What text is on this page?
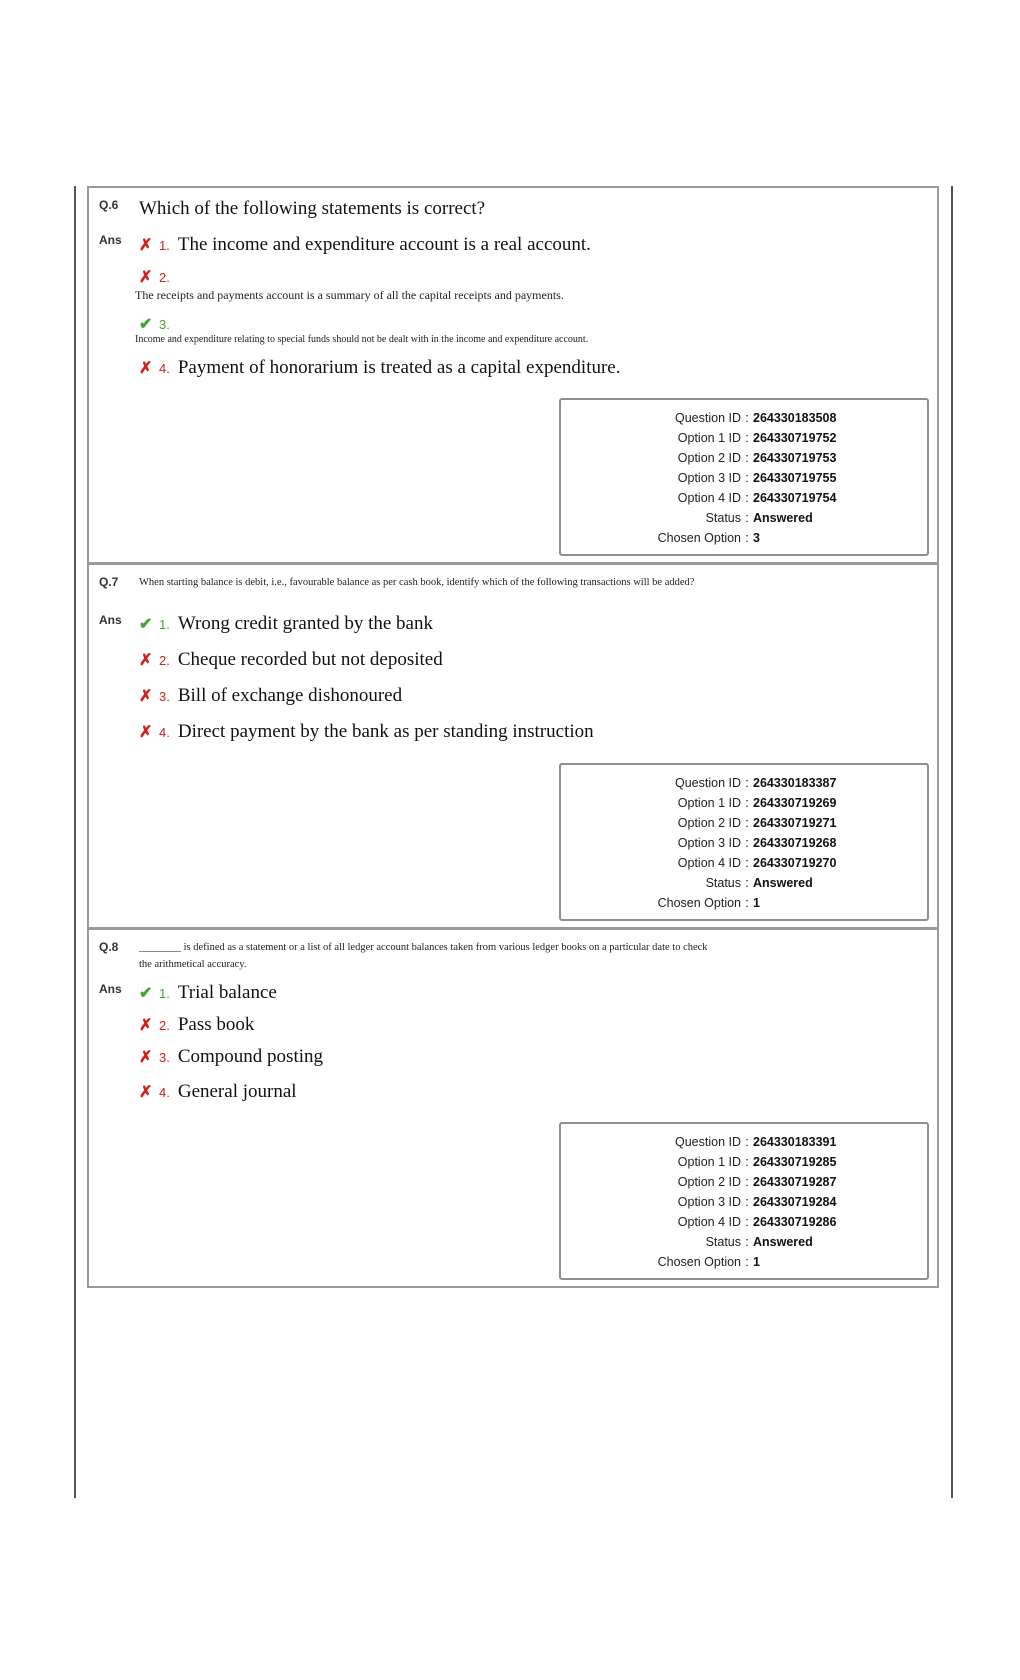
Q.6 Which of the following statements is correct?
Ans ✗ 1. The income and expenditure account is a real account.
✗ 2.
The receipts and payments account is a summary of all the capital receipts and payments.
✔ 3.
Income and expenditure relating to special funds should not be dealt with in the income and expenditure account.
✗ 4. Payment of honorarium is treated as a capital expenditure.
Question ID : 264330183508
Option 1 ID : 264330719752
Option 2 ID : 264330719753
Option 3 ID : 264330719755
Option 4 ID : 264330719754
Status : Answered
Chosen Option : 3
Q.7 When starting balance is debit, i.e., favourable balance as per cash book, identify which of the following transactions will be added?
Ans ✔ 1. Wrong credit granted by the bank
✗ 2. Cheque recorded but not deposited
✗ 3. Bill of exchange dishonoured
✗ 4. Direct payment by the bank as per standing instruction
Question ID : 264330183387
Option 1 ID : 264330719269
Option 2 ID : 264330719271
Option 3 ID : 264330719268
Option 4 ID : 264330719270
Status : Answered
Chosen Option : 1
Q.8 ________ is defined as a statement or a list of all ledger account balances taken from various ledger books on a particular date to check the arithmetical accuracy.
Ans ✔ 1. Trial balance
✗ 2. Pass book
✗ 3. Compound posting
✗ 4. General journal
Question ID : 264330183391
Option 1 ID : 264330719285
Option 2 ID : 264330719287
Option 3 ID : 264330719284
Option 4 ID : 264330719286
Status : Answered
Chosen Option : 1
